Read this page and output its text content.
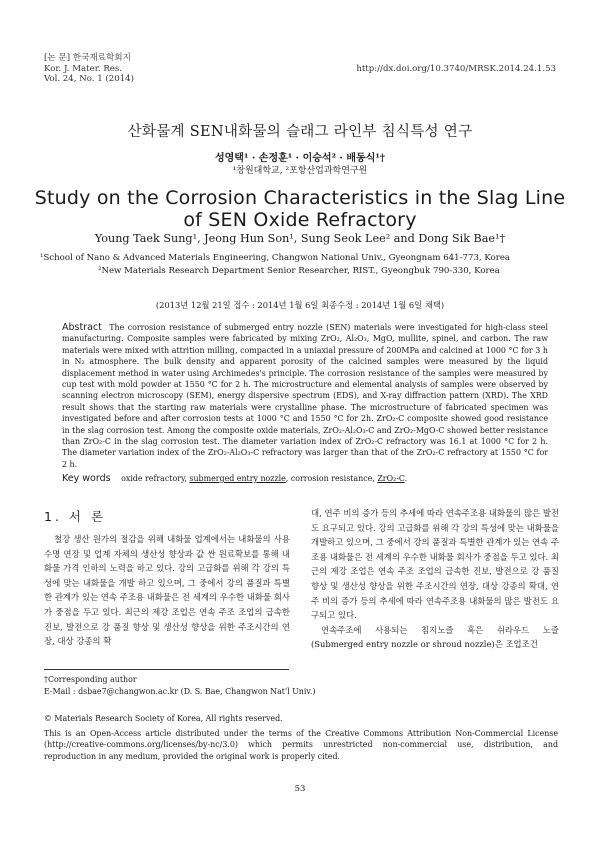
[논 문] 한국재료학회지
Kor. J. Mater. Res.
Vol. 24, No. 1 (2014)
http://dx.doi.org/10.3740/MRSK.2014.24.1.53
산화물계 SEN내화물의 슬래그 라인부 침식특성 연구
성영택¹ · 손정훈¹ · 이승석² · 배동식¹†
¹창원대학교, ²포항산업과학연구원
Study on the Corrosion Characteristics in the Slag Line
of SEN Oxide Refractory
Young Taek Sung¹, Jeong Hun Son¹, Sung Seok Lee² and Dong Sik Bae¹†
¹School of Nano & Advanced Materials Engineering, Changwon National Univ., Gyeongnam 641-773, Korea
²New Materials Research Department Senior Researcher, RIST., Gyeongbuk 790-330, Korea
(2013년 12월 21일 접수 : 2014년 1월 6일 최종수정 : 2014년 1월 6일 채택)
Abstract The corrosion resistance of submerged entry nozzle (SEN) materials were investigated for high-class steel manufacturing. Composite samples were fabricated by mixing ZrO₂, Al₂O₃, MgO, mullite, spinel, and carbon. The raw materials were mixed with attrition milling, compacted in a uniaxial pressure of 200MPa and calcined at 1000 °C for 3 h in N₂ atmosphere. The bulk density and apparent porosity of the calcined samples were measured by the liquid displacement method in water using Archimedes's principle. The corrosion resistance of the samples were measured by cup test with mold powder at 1550 °C for 2 h. The microstructure and elemental analysis of samples were observed by scanning electron microscopy (SEM), energy dispersive spectrum (EDS), and X-ray diffraction pattern (XRD). The XRD result shows that the starting raw materials were crystalline phase. The microstructure of fabricated specimen was investigated before and after corrosion tests at 1000 °C and 1550 °C for 2h. ZrO₂-C composite showed good resistance in the slag corrosion test. Among the composite oxide materials, ZrO₂-Al₂O₃-C and ZrO₂-MgO-C showed better resistance than ZrO₂-C in the slag corrosion test. The diameter variation index of ZrO₂-C refractory was 16.1 at 1000 °C for 2 h. The diameter variation index of the ZrO₂-Al₂O₃-C refractory was larger than that of the ZrO₂-C refractory at 1550 °C for 2 h.
Key words oxide refractory, submerged entry nozzle, corrosion resistance, ZrO₂-C.
1. 서 론

철강 생산 원가의 절감을 위해 내화물 업계에서는 내화물의 사용 수명 연장 및 업계 자체의 생산성 향상과 값 싼 원료확보를 통해 내화물 가격 인하의 노력을 하고 있다. 강의 고급화를 위해 각 강의 특성에 맞는 내화물을 개발 하고 있으며, 그 중에서 강의 품질과 특별한 관계가 있는 연속 주조용 내화물은 전 세계의 우수한 내화물 회사가 중점을 두고 있다. 최근의 제강 조업은 연속 주조 조업의 급속한 진보, 발전으로 강 품질 향상 및 생산성 향상을 위한 주조시간의 연장, 대상 강종의 확

대, 연주 비의 증가 등의 추세에 따라 연속주조용 내화물의 많은 발전도 요구되고 있다. 강의 고급화를 위해 각 강의 특성에 맞는 내화물을 개발하고 있으며, 그 중에서 강의 품질과 특별한 관계가 있는 연속 주조용 내화물은 전 세계의 우수한 내화물 회사가 중점을 두고 있다. 최근의 제강 조업은 연속 주조 조업의 급속한 진보, 발전으로 강 품질 향상 및 생산성 향상을 위한 주조시간의 연장, 대상 강종의 확대, 연주 비의 증가 등의 추세에 따라 연속주조용 내화물의 많은 발전도 요구되고 있다.

연속주조에 사용되는 침지노즐 혹은 쉬라우드 노즐 (Submerged entry nozzle or shroud nozzle)은 조업조건

†Corresponding author
E-Mail : dsbae7@changwon.ac.kr (D. S. Bae, Changwon Nat'l Univ.)
© Materials Research Society of Korea, All rights reserved.
This is an Open-Access article distributed under the terms of the Creative Commons Attribution Non-Commercial License (http://creative-commons.org/licenses/by-nc/3.0) which permits unrestricted non-commercial use, distribution, and reproduction in any medium, provided the original work is properly cited.
53
